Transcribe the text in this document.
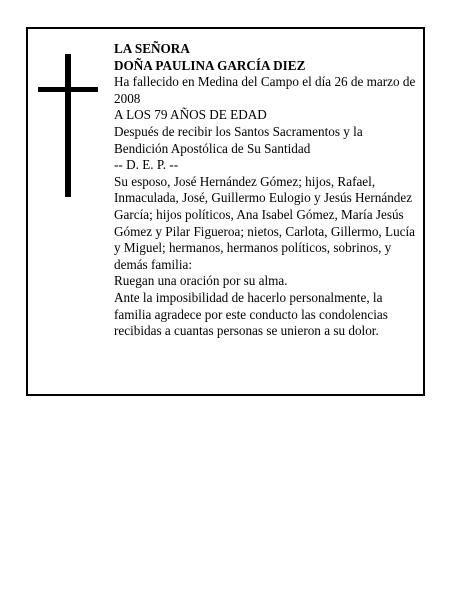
LA SEÑORA

DOÑA PAULINA GARCÍA DIEZ

Ha fallecido en Medina del Campo el día 26 de marzo de 2008

A LOS 79 AÑOS DE EDAD

Después de recibir los Santos Sacramentos y la Bendición Apostólica de Su Santidad

-- D. E. P. --

Su esposo, José Hernández Gómez; hijos, Rafael, Inmaculada, José, Guillermo Eulogio y Jesús Hernández García; hijos políticos, Ana Isabel Gómez, María Jesús Gómez y Pilar Figueroa; nietos, Carlota, Gillermo, Lucía y Miguel; hermanos, hermanos políticos, sobrinos, y demás familia:

Ruegan una oración por su alma.

Ante la imposibilidad de hacerlo personalmente, la familia agradece por este conducto las condolencias recibidas a cuantas personas se unieron a su dolor.
